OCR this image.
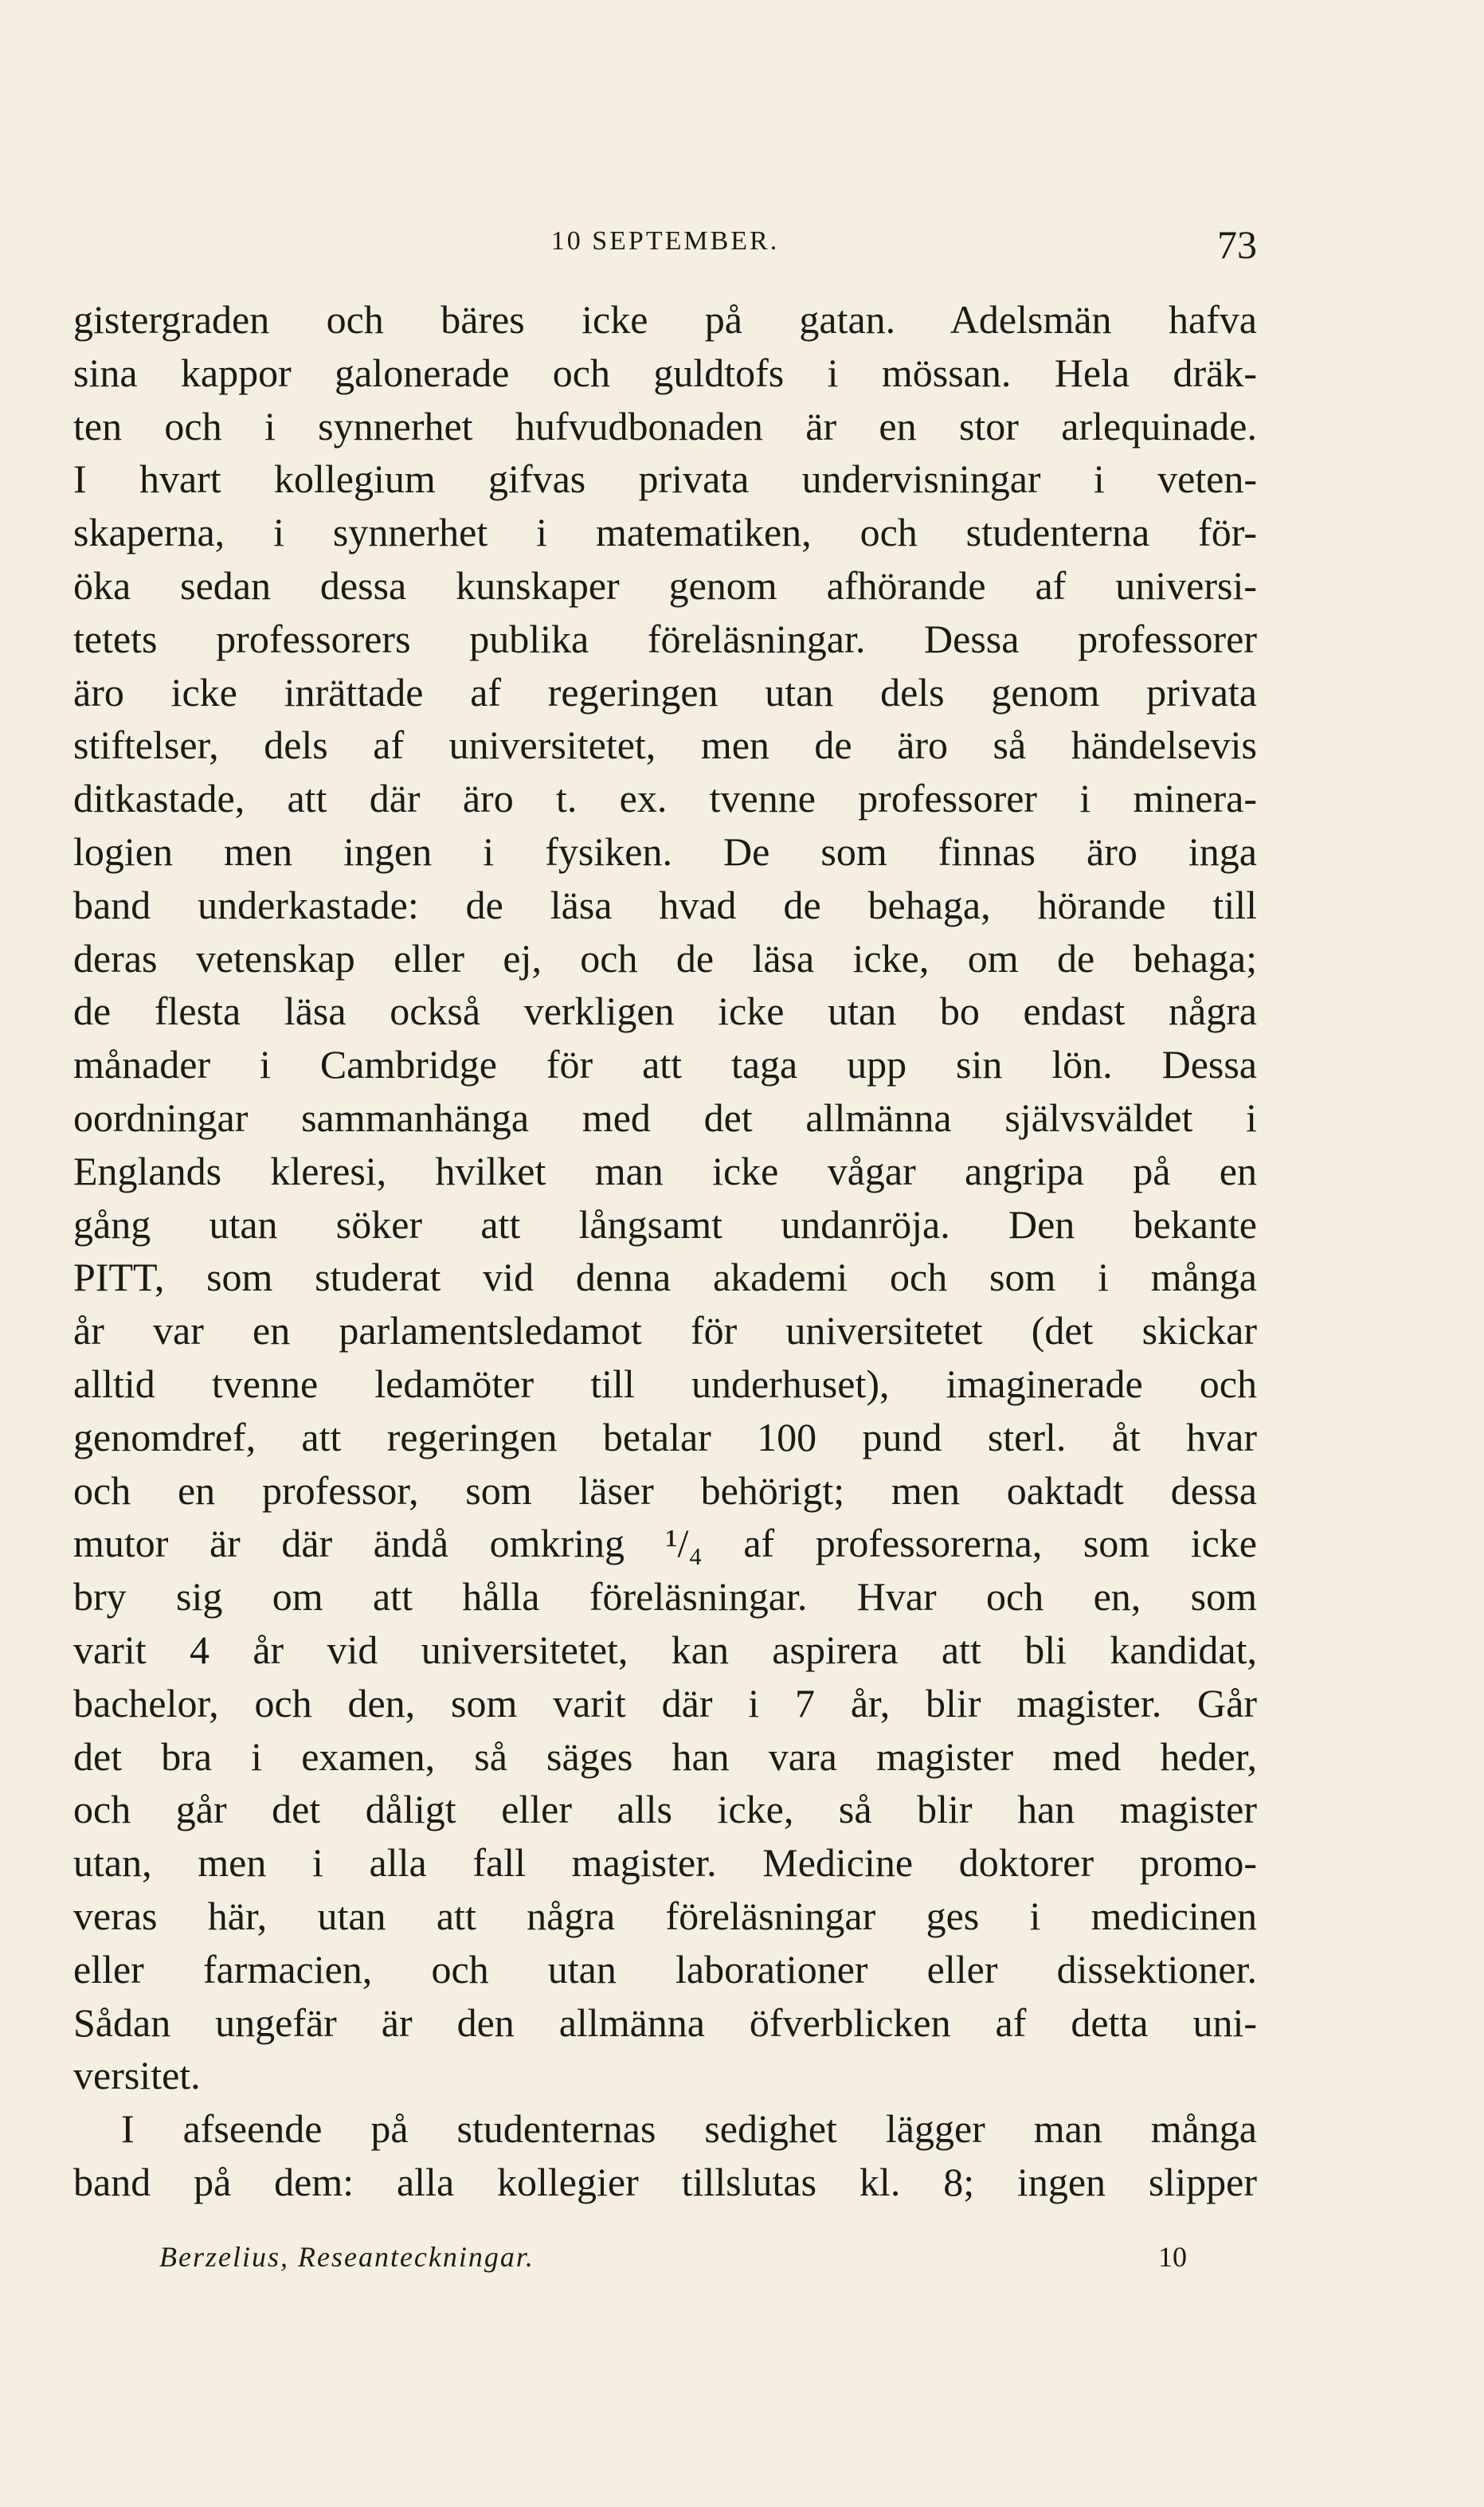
10 SEPTEMBER.	73
gistergraden och bäres icke på gatan. Adelsmän hafva
sina kappor galonerade och guldtofs i mössan. Hela dräk-
ten och i synnerhet hufvudbonaden är en stor arlequinade.
I hvart kollegium gifvas privata undervisningar i veten-
skaperna, i synnerhet i matematiken, och studenterna för-
öka sedan dessa kunskaper genom afhörande af universi-
tetets professorers publika föreläsningar. Dessa professorer
äro icke inrättade af regeringen utan dels genom privata
stiftelser, dels af universitetet, men de äro så händelsevis
ditkastade, att där äro t. ex. tvenne professorer i minera-
logien men ingen i fysiken. De som finnas äro inga
band underkastade: de läsa hvad de behaga, hörande till
deras vetenskap eller ej, och de läsa icke, om de behaga;
de flesta läsa också verkligen icke utan bo endast några
månader i Cambridge för att taga upp sin lön. Dessa
oordningar sammanhänga med det allmänna självsväldet i
Englands kleresi, hvilket man icke vågar angripa på en
gång utan söker att långsamt undanröja. Den bekante
PITT, som studerat vid denna akademi och som i många
år var en parlamentsledamot för universitetet (det skickar
alltid tvenne ledamöter till underhuset), imaginerade och
genomdref, att regeringen betalar 100 pund sterl. åt hvar
och en professor, som läser behörigt; men oaktadt dessa
mutor är där ändå omkring ¹/₄ af professorerna, som icke
bry sig om att hålla föreläsningar. Hvar och en, som
varit 4 år vid universitetet, kan aspirera att bli kandidat,
bachelor, och den, som varit där i 7 år, blir magister. Går
det bra i examen, så säges han vara magister med heder,
och går det dåligt eller alls icke, så blir han magister
utan, men i alla fall magister. Medicine doktorer promo-
veras här, utan att några föreläsningar ges i medicinen
eller farmacien, och utan laborationer eller dissektioner.
Sådan ungefär är den allmänna öfverblicken af detta uni-
versitet.
I afseende på studenternas sedighet lägger man många
band på dem: alla kollegier tillslutas kl. 8; ingen slipper
Berzelius, Reseanteckningar.	10
